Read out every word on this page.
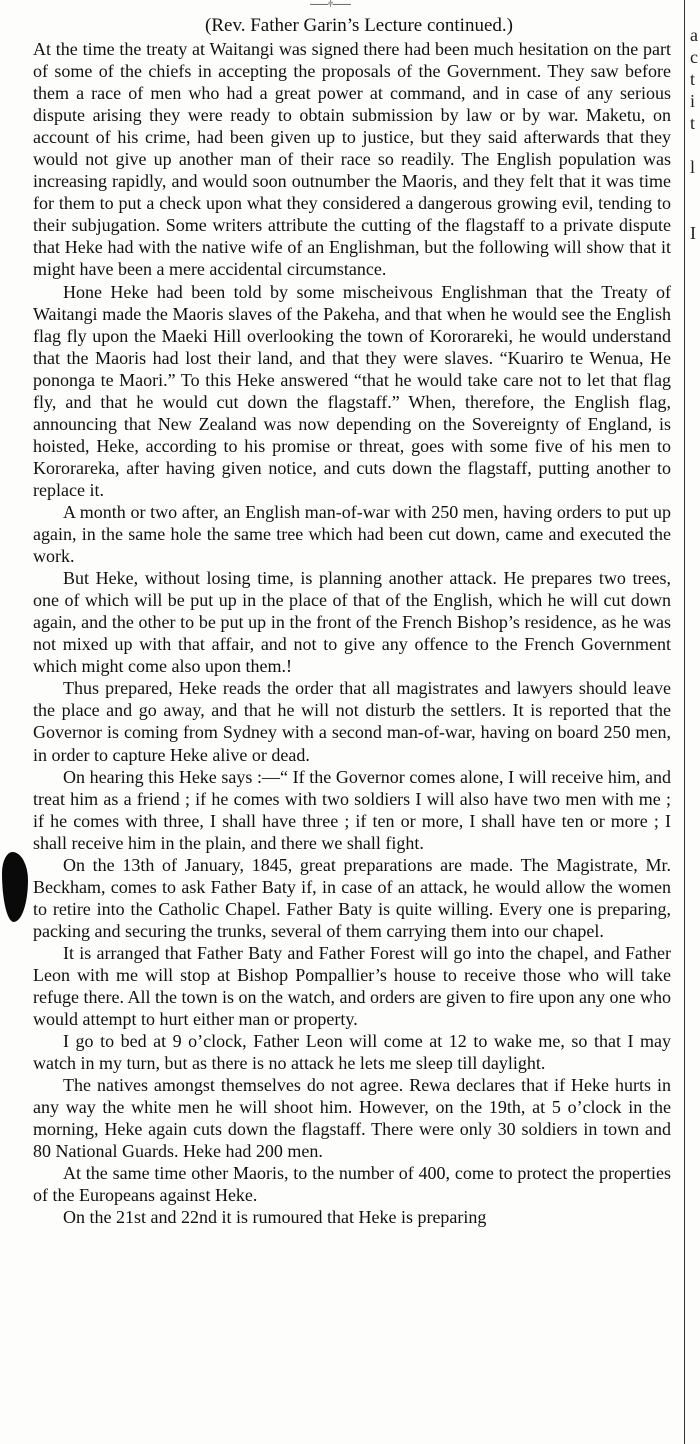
——⫩——
(Rev. Father Garin’s Lecture continued.)

At the time the treaty at Waitangi was signed there had been much hesitation on the part of some of the chiefs in accepting the proposals of the Government. They saw before them a race of men who had a great power at command, and in case of any serious dispute arising they were ready to obtain submission by law or by war. Maketu, on account of his crime, had been given up to justice, but they said afterwards that they would not give up another man of their race so readily. The English population was increasing rapidly, and would soon outnumber the Maoris, and they felt that it was time for them to put a check upon what they considered a dangerous growing evil, tending to their subjugation. Some writers attribute the cutting of the flagstaff to a private dispute that Heke had with the native wife of an Englishman, but the following will show that it might have been a mere accidental circumstance.

Hone Heke had been told by some mischeivous Englishman that the Treaty of Waitangi made the Maoris slaves of the Pakeha, and that when he would see the English flag fly upon the Maeki Hill overlooking the town of Kororareki, he would understand that the Maoris had lost their land, and that they were slaves. “Kuariro te Wenua, He pononga te Maori.” To this Heke answered “that he would take care not to let that flag fly, and that he would cut down the flagstaff.” When, therefore, the English flag, announcing that New Zealand was now depending on the Sovereignty of England, is hoisted, Heke, according to his promise or threat, goes with some five of his men to Kororareka, after having given notice, and cuts down the flagstaff, putting another to replace it.

A month or two after, an English man-of-war with 250 men, having orders to put up again, in the same hole the same tree which had been cut down, came and executed the work.

But Heke, without losing time, is planning another attack. He prepares two trees, one of which will be put up in the place of that of the English, which he will cut down again, and the other to be put up in the front of the French Bishop’s residence, as he was not mixed up with that affair, and not to give any offence to the French Government which might come also upon them.!

Thus prepared, Heke reads the order that all magistrates and lawyers should leave the place and go away, and that he will not disturb the settlers. It is reported that the Governor is coming from Sydney with a second man-of-war, having on board 250 men, in order to capture Heke alive or dead.

On hearing this Heke says :—“ If the Governor comes alone, I will receive him, and treat him as a friend ; if he comes with two soldiers I will also have two men with me ; if he comes with three, I shall have three ; if ten or more, I shall have ten or more ; I shall receive him in the plain, and there we shall fight.

On the 13th of January, 1845, great preparations are made. The Magistrate, Mr. Beckham, comes to ask Father Baty if, in case of an attack, he would allow the women to retire into the Catholic Chapel. Father Baty is quite willing. Every one is preparing, packing and securing the trunks, several of them carrying them into our chapel.

It is arranged that Father Baty and Father Forest will go into the chapel, and Father Leon with me will stop at Bishop Pompallier’s house to receive those who will take refuge there. All the town is on the watch, and orders are given to fire upon any one who would attempt to hurt either man or property.

I go to bed at 9 o’clock, Father Leon will come at 12 to wake me, so that I may watch in my turn, but as there is no attack he lets me sleep till daylight.

The natives amongst themselves do not agree. Rewa declares that if Heke hurts in any way the white men he will shoot him. However, on the 19th, at 5 o’clock in the morning, Heke again cuts down the flagstaff. There were only 30 soldiers in town and 80 National Guards. Heke had 200 men.

At the same time other Maoris, to the number of 400, come to protect the properties of the Europeans against Heke.

On the 21st and 22nd it is rumoured that Heke is preparing

a
c
t
i
t
l
I
